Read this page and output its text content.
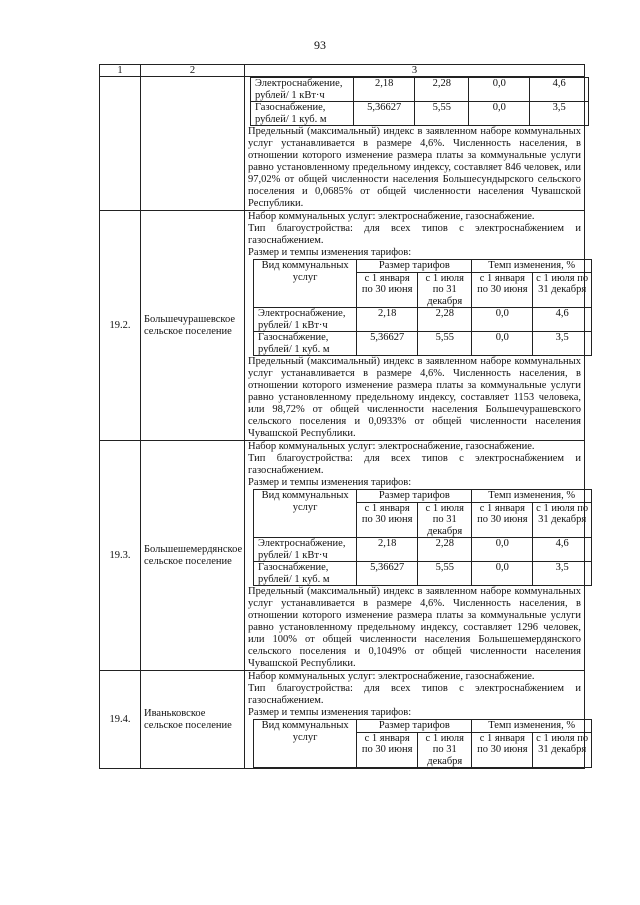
93
1	2	3

Электроснабжение, рублей/ 1 кВт·ч	2,18	2,28	0,0	4,6
Газоснабжение, рублей/ 1 куб. м	5,36627	5,55	0,0	3,5

Предельный (максимальный) индекс в заявленном наборе коммунальных услуг устанавливается в размере 4,6%. Численность населения, в отношении которого изменение размера платы за коммунальные услуги равно установленному предельному индексу, составляет 846 человек, или 97,02% от общей численности населения Большесундырского сельского поселения и 0,0685% от общей численности населения Чувашской Республики.

19.2.	Большечурашевское сельское поселение	
Набор коммунальных услуг: электроснабжение, газоснабжение.
Тип благоустройства: для всех типов с электроснабжением и газоснабжением.
Размер и темпы изменения тарифов:
Вид коммунальных услуг	Размер тарифов	Темп изменения, %
с 1 января по 30 июня	с 1 июля по 31 декабря	с 1 января по 30 июня	с 1 июля по 31 декабря
Электроснабжение, рублей/ 1 кВт·ч	2,18	2,28	0,0	4,6
Газоснабжение, рублей/ 1 куб. м	5,36627	5,55	0,0	3,5

Предельный (максимальный) индекс в заявленном наборе коммунальных услуг устанавливается в размере 4,6%. Численность населения, в отношении которого изменение размера платы за коммунальные услуги равно установленному предельному индексу, составляет 1153 человека, или 98,72% от общей численности населения Большечурашевского сельского поселения и 0,0933% от общей численности населения Чувашской Республики.

19.3.	Большешемердянское сельское поселение	
Набор коммунальных услуг: электроснабжение, газоснабжение.
Тип благоустройства: для всех типов с электроснабжением и газоснабжением.
Размер и темпы изменения тарифов:
Вид коммунальных услуг	Размер тарифов	Темп изменения, %
с 1 января по 30 июня	с 1 июля по 31 декабря	с 1 января по 30 июня	с 1 июля по 31 декабря
Электроснабжение, рублей/ 1 кВт·ч	2,18	2,28	0,0	4,6
Газоснабжение, рублей/ 1 куб. м	5,36627	5,55	0,0	3,5

Предельный (максимальный) индекс в заявленном наборе коммунальных услуг устанавливается в размере 4,6%. Численность населения, в отношении которого изменение размера платы за коммунальные услуги равно установленному предельному индексу, составляет 1296 человек, или 100% от общей численности населения Большешемердянского сельского поселения и 0,1049% от общей численности населения Чувашской Республики.

19.4.	Иваньковское сельское поселение	
Набор коммунальных услуг: электроснабжение, газоснабжение.
Тип благоустройства: для всех типов с электроснабжением и газоснабжением.
Размер и темпы изменения тарифов:
Вид коммунальных услуг	Размер тарифов	Темп изменения, %
с 1 января по 30 июня	с 1 июля по 31 декабря	с 1 января по 30 июня	с 1 июля по 31 декабря
